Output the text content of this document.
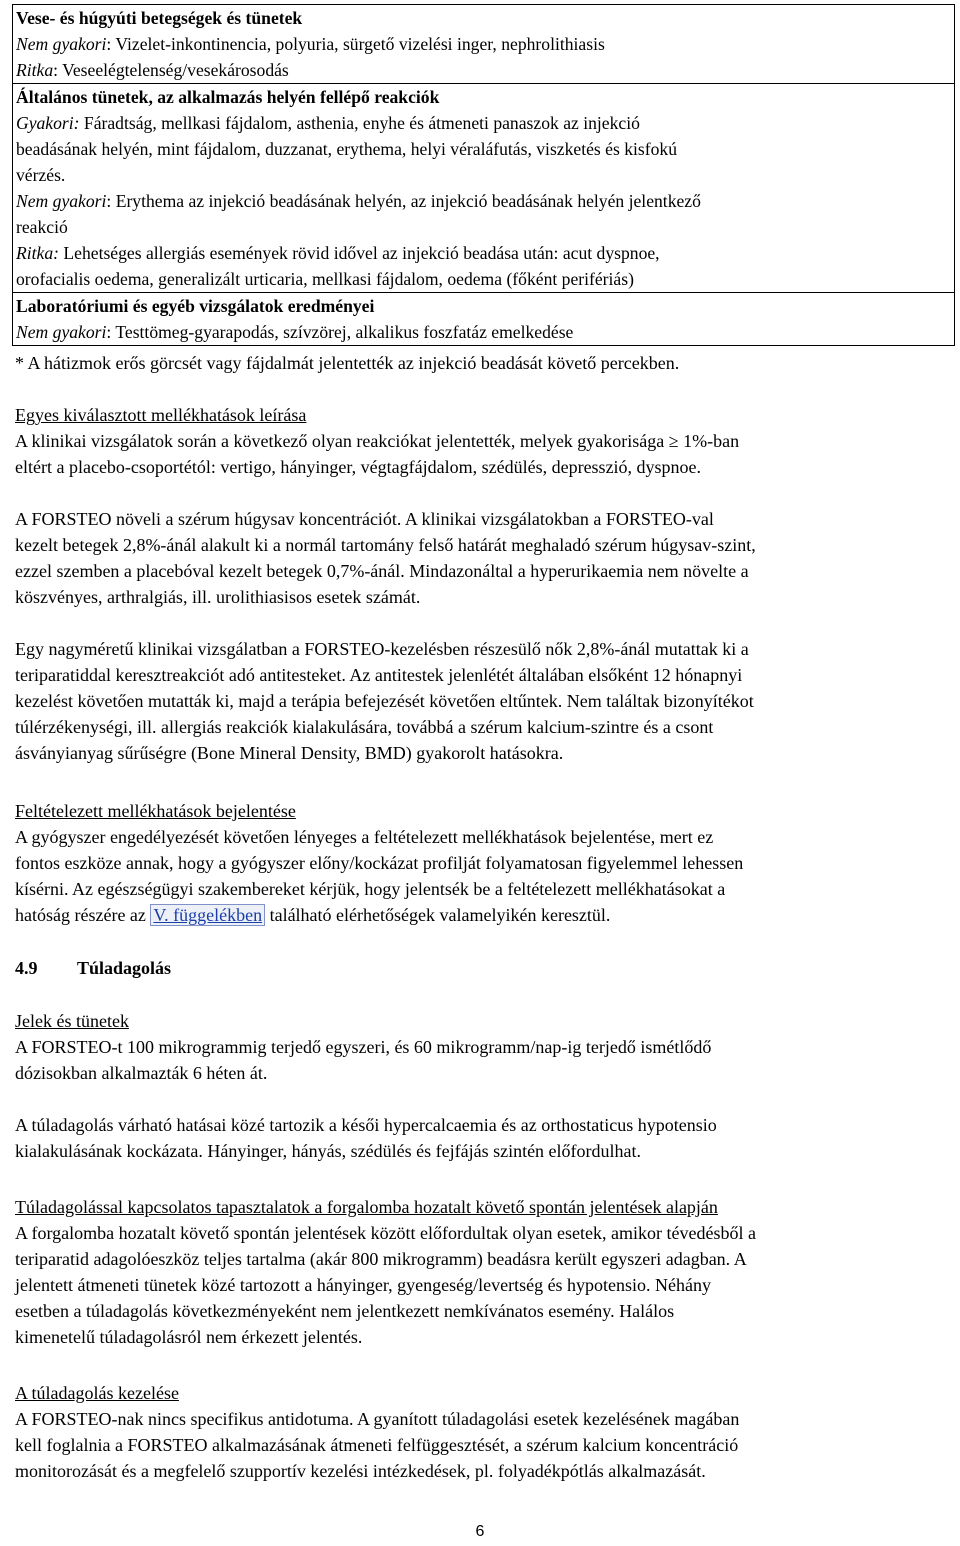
Vese- és húgyúti betegségek és tünetek

Nem gyakori: Vizelet-inkontinencia, polyuria, sürgető vizelési inger, nephrolithiasis
Ritka: Veseelégtelenség/vesekárosodás

Általános tünetek, az alkalmazás helyén fellépő reakciók

Gyakori: Fáradtság, mellkasi fájdalom, asthenia, enyhe és átmeneti panaszok az injekció
beadásának helyén, mint fájdalom, duzzanat, erythema, helyi véraláfutás, viszketés és kisfokú
vérzés.
Nem gyakori: Erythema az injekció beadásának helyén, az injekció beadásának helyén jelentkező
reakció
Ritka: Lehetséges allergiás események rövid idővel az injekció beadása után: acut dyspnoe,
orofacialis oedema, generalizált urticaria, mellkasi fájdalom, oedema (főként perifériás)

Laboratóriumi és egyéb vizsgálatok eredményei

Nem gyakori: Testtömeg-gyarapodás, szívzörej, alkalikus foszfatáz emelkedése
* A hátizmok erős görcsét vagy fájdalmát jelentették az injekció beadását követő percekben.

Egyes kiválasztott mellékhatások leírása

A klinikai vizsgálatok során a következő olyan reakciókat jelentették, melyek gyakorisága ≥ 1%-ban
eltért a placebo-csoportétól: vertigo, hányinger, végtagfájdalom, szédülés, depresszió, dyspnoe.

A FORSTEO növeli a szérum húgysav koncentrációt. A klinikai vizsgálatokban a FORSTEO-val
kezelt betegek 2,8%-ánál alakult ki a normál tartomány felső határát meghaladó szérum húgysav-szint,
ezzel szemben a placebóval kezelt betegek 0,7%-ánál. Mindazonáltal a hyperurikaemia nem növelte a
köszvényes, arthralgiás, ill. urolithiasisos esetek számát.

Egy nagyméretű klinikai vizsgálatban a FORSTEO-kezelésben részesülő nők 2,8%-ánál mutattak ki a
teriparatiddal keresztreakciót adó antitesteket. Az antitestek jelenlétét általában elsőként 12 hónapnyi
kezelést követően mutatták ki, majd a terápia befejezését követően eltűntek. Nem találtak bizonyítékot
túlérzékenységi, ill. allergiás reakciók kialakulására, továbbá a szérum kalcium-szintre és a csont
ásványianyag sűrűségre (Bone Mineral Density, BMD) gyakorolt hatásokra.

Feltételezett mellékhatások bejelentése

A gyógyszer engedélyezését követően lényeges a feltételezett mellékhatások bejelentése, mert ez
fontos eszköze annak, hogy a gyógyszer előny/kockázat profilját folyamatosan figyelemmel lehessen
kísérni. Az egészségügyi szakembereket kérjük, hogy jelentsék be a feltételezett mellékhatásokat a
hatóság részére az V. függelékben található elérhetőségek valamelyikén keresztül.

4.9 Túladagolás

Jelek és tünetek

A FORSTEO-t 100 mikrogrammig terjedő egyszeri, és 60 mikrogramm/nap-ig terjedő ismétlődő
dózisokban alkalmazták 6 héten át.

A túladagolás várható hatásai közé tartozik a késői hypercalcaemia és az orthostaticus hypotensio
kialakulásának kockázata. Hányinger, hányás, szédülés és fejfájás szintén előfordulhat.

Túladagolással kapcsolatos tapasztalatok a forgalomba hozatalt követő spontán jelentések alapján

A forgalomba hozatalt követő spontán jelentések között előfordultak olyan esetek, amikor tévedésből a
teriparatid adagolóeszköz teljes tartalma (akár 800 mikrogramm) beadásra került egyszeri adagban. A
jelentett átmeneti tünetek közé tartozott a hányinger, gyengeség/levertség és hypotensio. Néhány
esetben a túladagolás következményeként nem jelentkezett nemkívánatos esemény. Halálos
kimenetelű túladagolásról nem érkezett jelentés.

A túladagolás kezelése

A FORSTEO-nak nincs specifikus antidotuma. A gyanított túladagolási esetek kezelésének magában
kell foglalnia a FORSTEO alkalmazásának átmeneti felfüggesztését, a szérum kalcium koncentráció
monitorozását és a megfelelő szupportív kezelési intézkedések, pl. folyadékpótlás alkalmazását.

6
